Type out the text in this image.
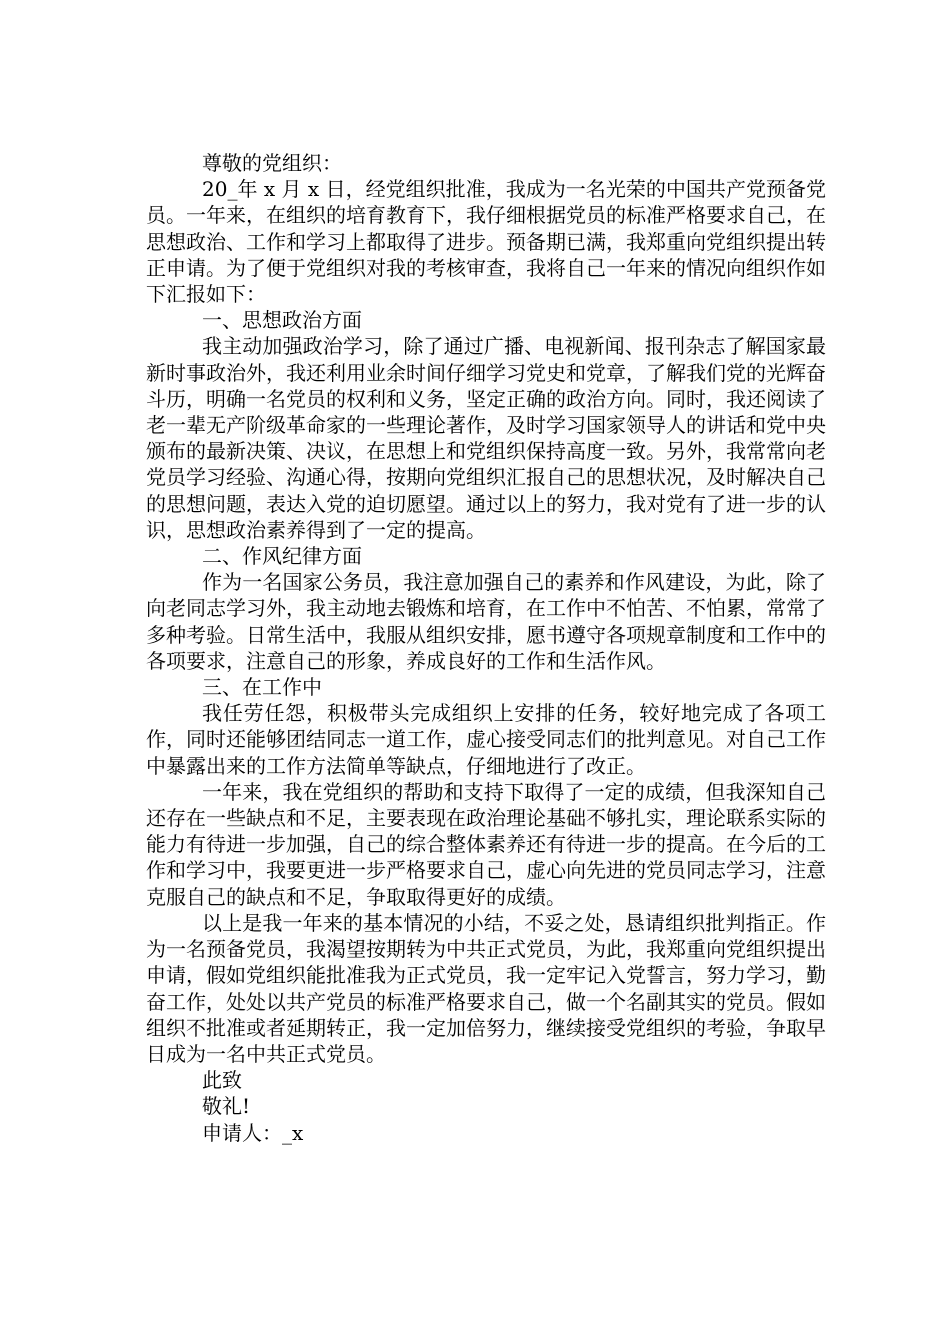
尊敬的党组织：

20_年 x 月 x 日，经党组织批准，我成为一名光荣的中国共产党预备党员。一年来，在组织的培育教育下，我仔细根据党员的标准严格要求自己，在思想政治、工作和学习上都取得了进步。预备期已满，我郑重向党组织提出转正申请。为了便于党组织对我的考核审查，我将自己一年来的情况向组织作如下汇报如下：

一、思想政治方面

我主动加强政治学习，除了通过广播、电视新闻、报刊杂志了解国家最新时事政治外，我还利用业余时间仔细学习党史和党章，了解我们党的光辉奋斗历，明确一名党员的权利和义务，坚定正确的政治方向。同时，我还阅读了老一辈无产阶级革命家的一些理论著作，及时学习国家领导人的讲话和党中央颁布的最新决策、决议，在思想上和党组织保持高度一致。另外，我常常向老党员学习经验、沟通心得，按期向党组织汇报自己的思想状况，及时解决自己的思想问题，表达入党的迫切愿望。通过以上的努力，我对党有了进一步的认识，思想政治素养得到了一定的提高。

二、作风纪律方面

作为一名国家公务员，我注意加强自己的素养和作风建设，为此，除了向老同志学习外，我主动地去锻炼和培育，在工作中不怕苦、不怕累，常常了多种考验。日常生活中，我服从组织安排，愿书遵守各项规章制度和工作中的各项要求，注意自己的形象，养成良好的工作和生活作风。

三、在工作中

我任劳任怨，积极带头完成组织上安排的任务，较好地完成了各项工作，同时还能够团结同志一道工作，虚心接受同志们的批判意见。对自己工作中暴露出来的工作方法简单等缺点，仔细地进行了改正。

一年来，我在党组织的帮助和支持下取得了一定的成绩，但我深知自己还存在一些缺点和不足，主要表现在政治理论基础不够扎实，理论联系实际的能力有待进一步加强，自己的综合整体素养还有待进一步的提高。在今后的工作和学习中，我要更进一步严格要求自己，虚心向先进的党员同志学习，注意克服自己的缺点和不足，争取取得更好的成绩。

以上是我一年来的基本情况的小结，不妥之处，恳请组织批判指正。作为一名预备党员，我渴望按期转为中共正式党员，为此，我郑重向党组织提出申请，假如党组织能批准我为正式党员，我一定牢记入党誓言，努力学习，勤奋工作，处处以共产党员的标准严格要求自己，做一个名副其实的党员。假如组织不批准或者延期转正，我一定加倍努力，继续接受党组织的考验，争取早日成为一名中共正式党员。

此致

敬礼!

申请人：_x
